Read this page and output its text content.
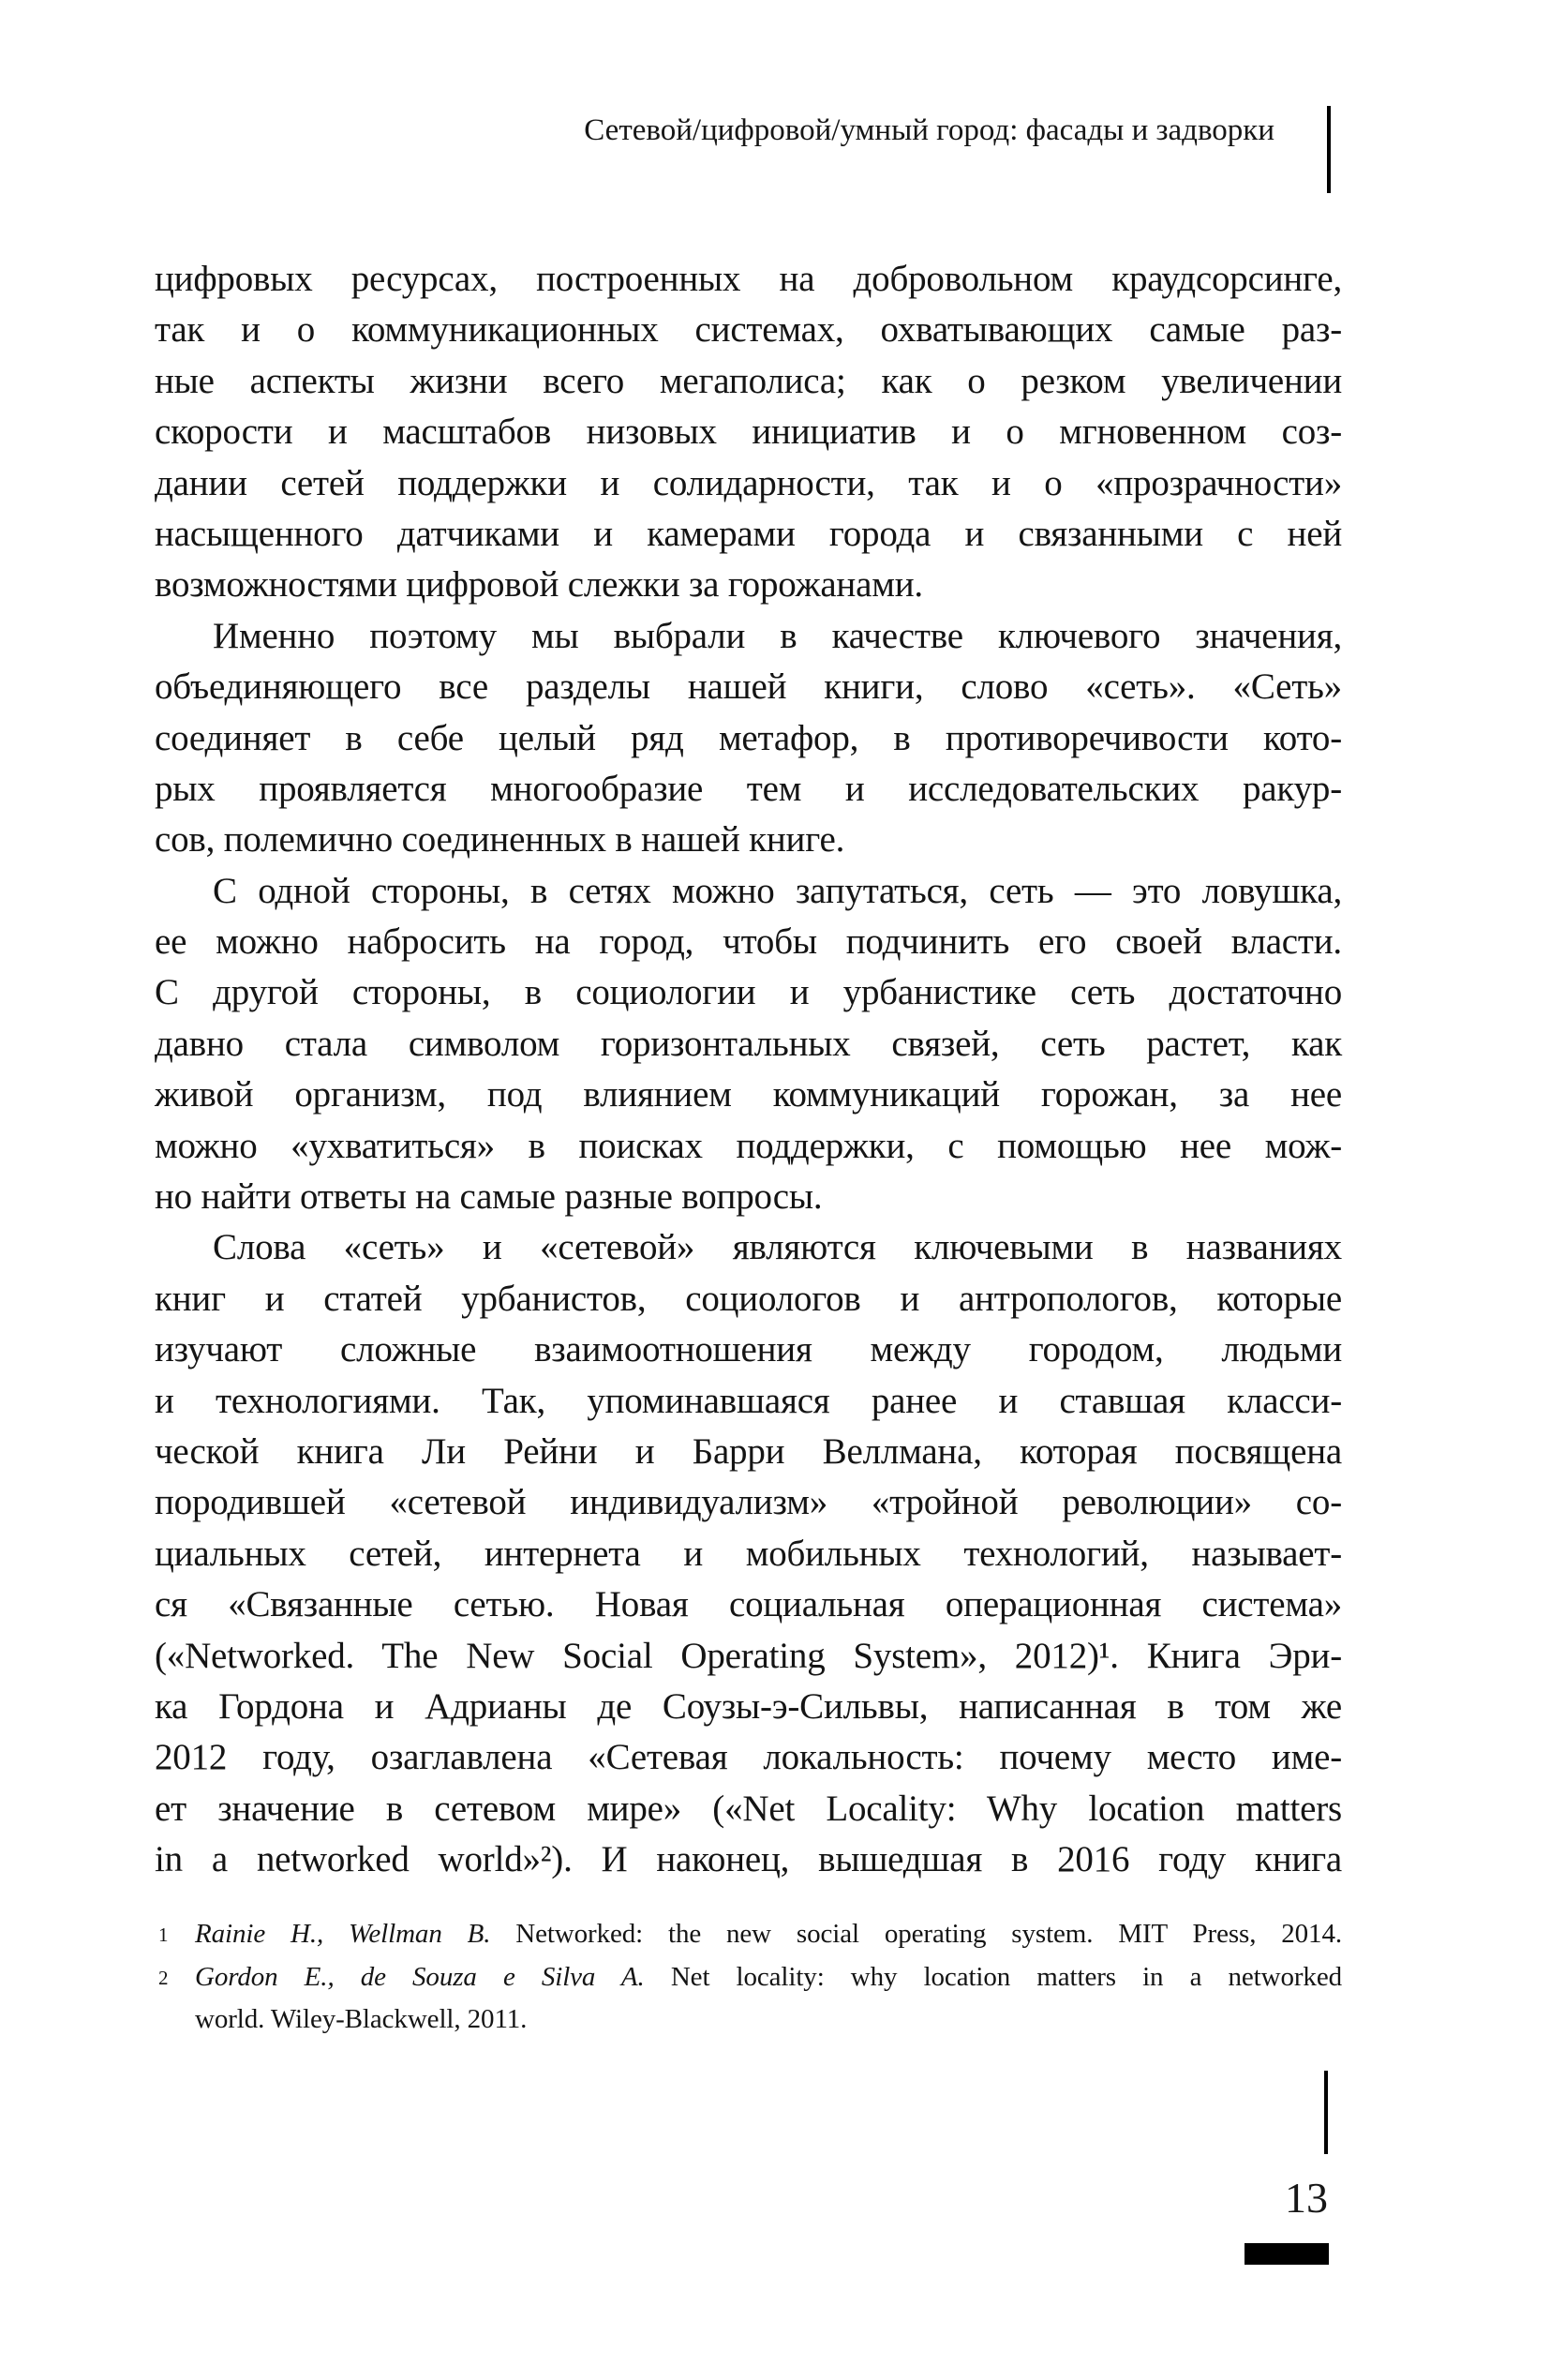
Сетевой/цифровой/умный город: фасады и задворки
цифровых ресурсах, построенных на добровольном краудсорсинге,
так и о коммуникационных системах, охватывающих самые раз-
ные аспекты жизни всего мегаполиса; как о резком увеличении
скорости и масштабов низовых инициатив и о мгновенном соз-
дании сетей поддержки и солидарности, так и о «прозрачности»
насыщенного датчиками и камерами города и связанными с ней
возможностями цифровой слежки за горожанами.
Именно поэтому мы выбрали в качестве ключевого значения,
объединяющего все разделы нашей книги, слово «сеть». «Сеть»
соединяет в себе целый ряд метафор, в противоречивости кото-
рых проявляется многообразие тем и исследовательских ракур-
сов, полемично соединенных в нашей книге.
С одной стороны, в сетях можно запутаться, сеть — это ловушка,
ее можно набросить на город, чтобы подчинить его своей власти.
С другой стороны, в социологии и урбанистике сеть достаточно
давно стала символом горизонтальных связей, сеть растет, как
живой организм, под влиянием коммуникаций горожан, за нее
можно «ухватиться» в поисках поддержки, с помощью нее мож-
но найти ответы на самые разные вопросы.
Слова «сеть» и «сетевой» являются ключевыми в названиях
книг и статей урбанистов, социологов и антропологов, которые
изучают сложные взаимоотношения между городом, людьми
и технологиями. Так, упоминавшаяся ранее и ставшая класси-
ческой книга Ли Рейни и Барри Веллмана, которая посвящена
породившей «сетевой индивидуализм» «тройной революции» со-
циальных сетей, интернета и мобильных технологий, называет-
ся «Связанные сетью. Новая социальная операционная система»
(«Networked. The New Social Operating System», 2012)¹. Книга Эри-
ка Гордона и Адрианы де Соузы-э-Сильвы, написанная в том же
2012 году, озаглавлена «Сетевая локальность: почему место име-
ет значение в сетевом мире» («Net Locality: Why location matters
in a networked world»²). И наконец, вышедшая в 2016 году книга
1 Rainie H., Wellman B. Networked: the new social operating system. MIT Press, 2014.
2 Gordon E., de Souza e Silva A. Net locality: why location matters in a networked
world. Wiley-Blackwell, 2011.
13
